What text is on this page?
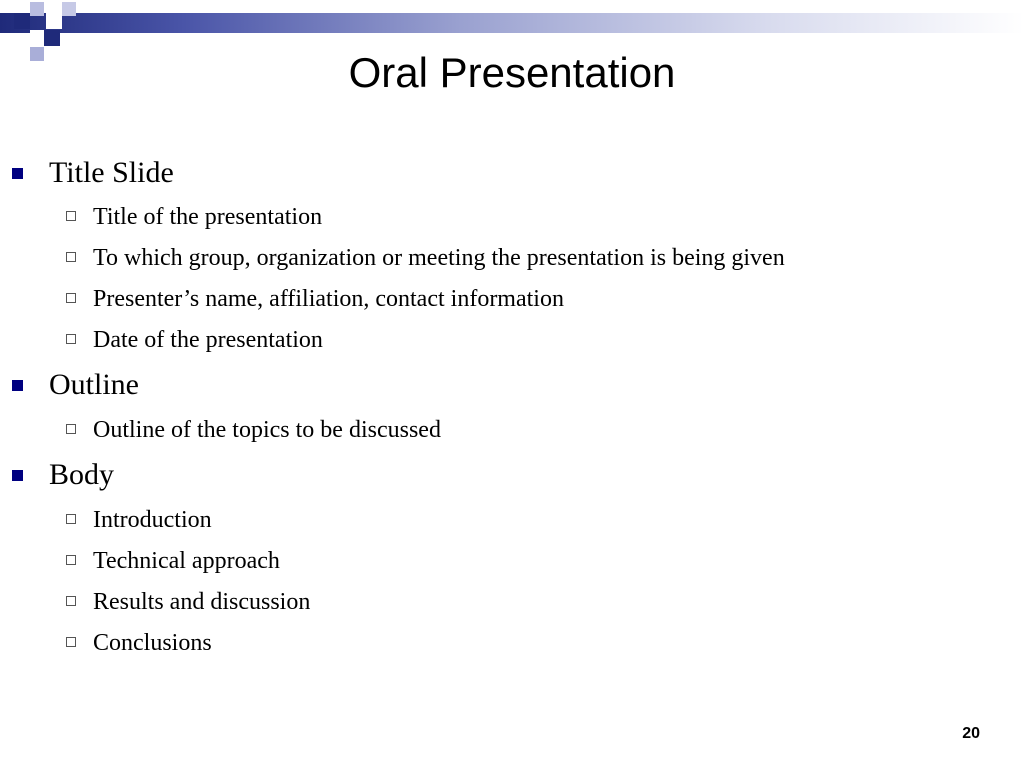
Oral Presentation
Title Slide
Title of the presentation
To which group, organization or meeting the presentation is being given
Presenter’s name, affiliation, contact information
Date of the presentation
Outline
Outline of the topics to be discussed
Body
Introduction
Technical approach
Results and discussion
Conclusions
20
